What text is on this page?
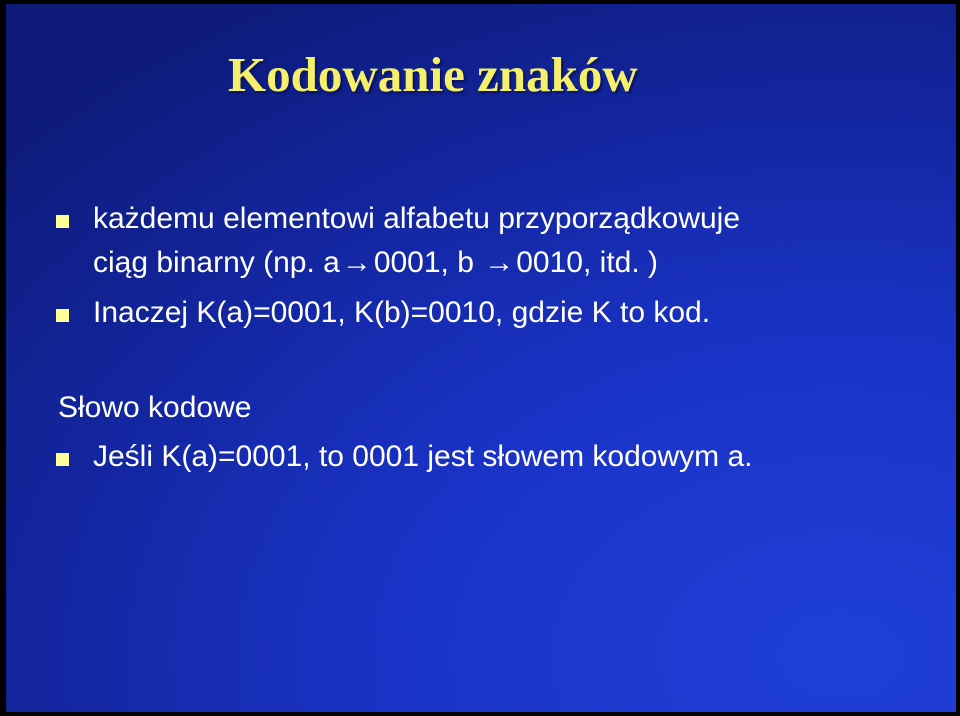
Kodowanie znaków

każdemu elementowi alfabetu przyporządkowuje

ciąg binarny (np. a→0001, b →0010, itd. )

Inaczej K(a)=0001, K(b)=0010, gdzie K to kod.

Słowo kodowe

Jeśli K(a)=0001, to 0001 jest słowem kodowym a.
